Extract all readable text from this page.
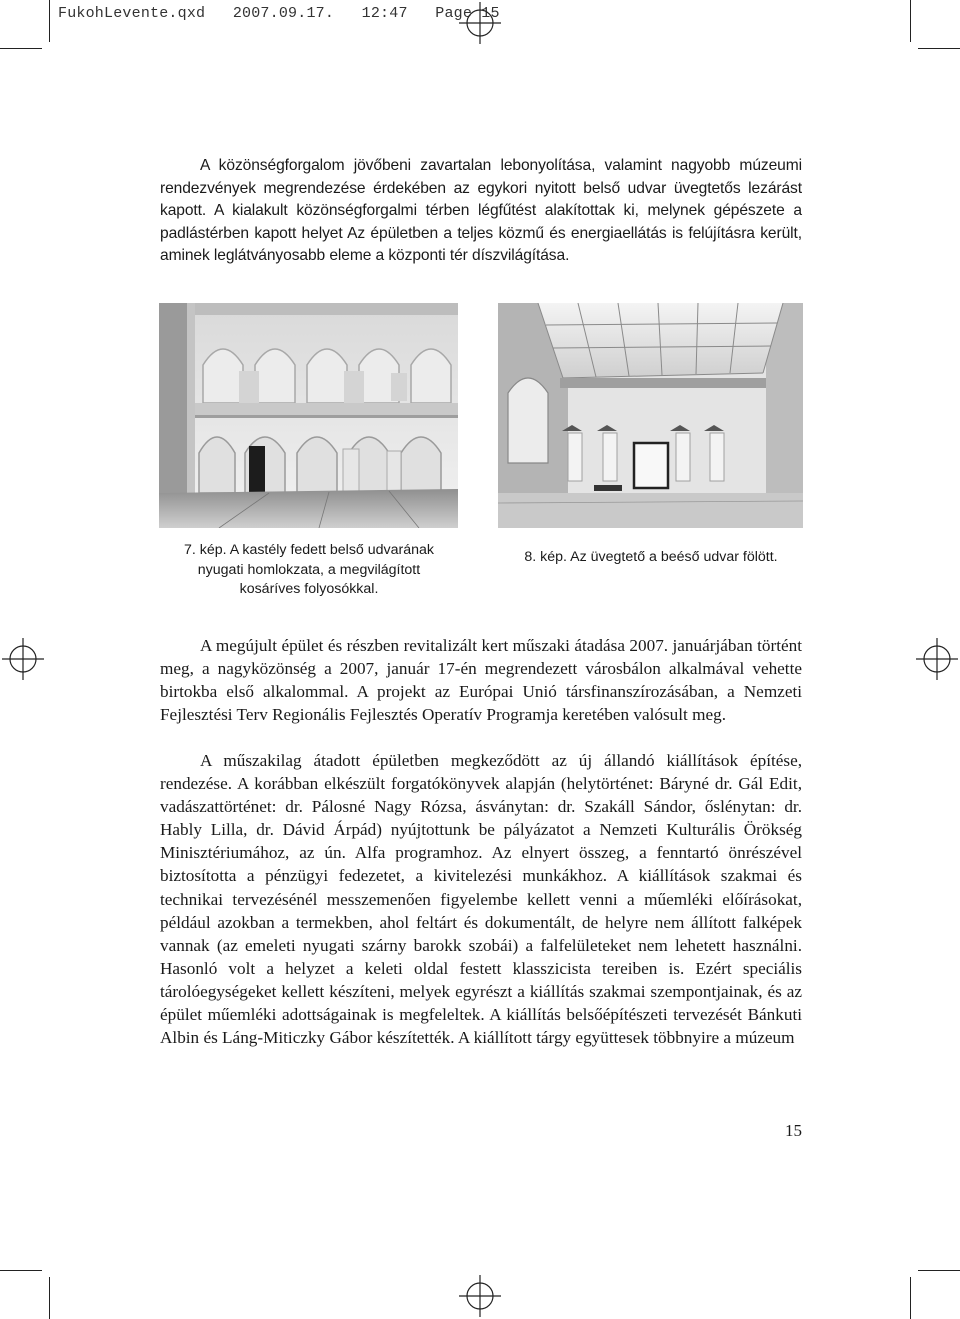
FukohLevente.qxd   2007.09.17.   12:47   Page 15

A közönségforgalom jövőbeni zavartalan lebonyolítása, valamint nagyobb múzeumi rendezvények megrendezése érdekében az egykori nyitott belső udvar üvegtetős lezárást kapott. A kialakult közönségforgalmi térben légfűtést alakítottak ki, melynek gépészete a padlástérben kapott helyet Az épületben a teljes közmű és energiaellátás is felújításra került, aminek leglátványosabb eleme a központi tér díszvilágítása.

7. kép. A kastély fedett belső udvarának nyugati homlokzata, a megvilágított kosáríves folyosókkal.

8. kép. Az üvegtető a beéső udvar fölött.

A megújult épület és részben revitalizált kert műszaki átadása 2007. januárjában történt meg, a nagyközönség a 2007, január 17-én megrendezett városbálon alkalmával vehette birtokba első alkalommal. A projekt az Európai Unió társfinanszírozásában, a Nemzeti Fejlesztési Terv Regionális Fejlesztés Operatív Programja keretében valósult meg.

A műszakilag átadott épületben megkeződött az új állandó kiállítások építése, rendezése. A korábban elkészült forgatókönyvek alapján (helytörténet: Báryné dr. Gál Edit, vadászattörténet: dr. Pálosné Nagy Rózsa, ásványtan: dr. Szakáll Sándor, őslénytan: dr. Hably Lilla, dr. Dávid Árpád) nyújtottunk be pályázatot a Nemzeti Kulturális Örökség Minisztériumához, az ún. Alfa programhoz. Az elnyert összeg, a fenntartó önrészével biztosította a pénzügyi fedezetet, a kivitelezési munkákhoz. A kiállítások szakmai és technikai tervezésénél messzemenően figyelembe kellett venni a műemléki előírásokat, például azokban a termekben, ahol feltárt és dokumentált, de helyre nem állított falképek vannak (az emeleti nyugati szárny barokk szobái) a falfelületeket nem lehetett használni. Hasonló volt a helyzet a keleti oldal festett klasszicista tereiben is. Ezért speciális tárolóegységeket kellett készíteni, melyek egyrészt a kiállítás szakmai szempontjainak, és az épület műemléki adottságainak is megfeleltek. A kiállítás belsőépítészeti tervezését Bánkuti Albin és Láng-Miticzky Gábor készítették. A kiállított tárgy együttesek többnyire a múzeum

15
